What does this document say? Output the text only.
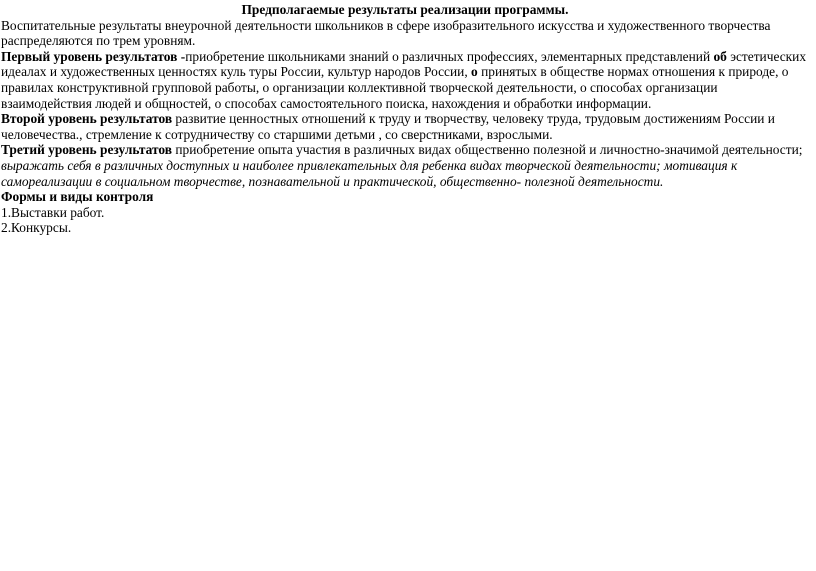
Предполагаемые результаты реализации программы.

Воспитательные результаты внеурочной деятельности школьников в сфере изобразительного искусства и художественного творчества распределяются по трем уровням.

Первый уровень результатов -приобретение школьниками знаний о различных профессиях, элементарных представлений об эстетических идеалах и художественных ценностях куль туры России, культур народов России, о принятых в обществе нормах отношения к природе, о правилах конструктивной групповой работы, о организации коллективной творческой деятельности, о способах организации взаимодействия людей и общностей, о способах самостоятельного поиска, нахождения и обработки информации.

Второй уровень результатов развитие ценностных отношений к труду и творчеству, человеку труда, трудовым достижениям России и человечества., стремление к сотрудничеству со старшими детьми , со сверстниками, взрослыми.

Третий уровень результатов приобретение опыта участия в различных видах общественно полезной и личностно-значимой деятельности; выражать себя в различных доступных и наиболее привлекательных для ребенка видах творческой деятельности; мотивация к самореализации в социальном творчестве, познавательной и практической, общественно- полезной деятельности.

Формы и виды контроля

1.Выставки работ.

2.Конкурсы.
